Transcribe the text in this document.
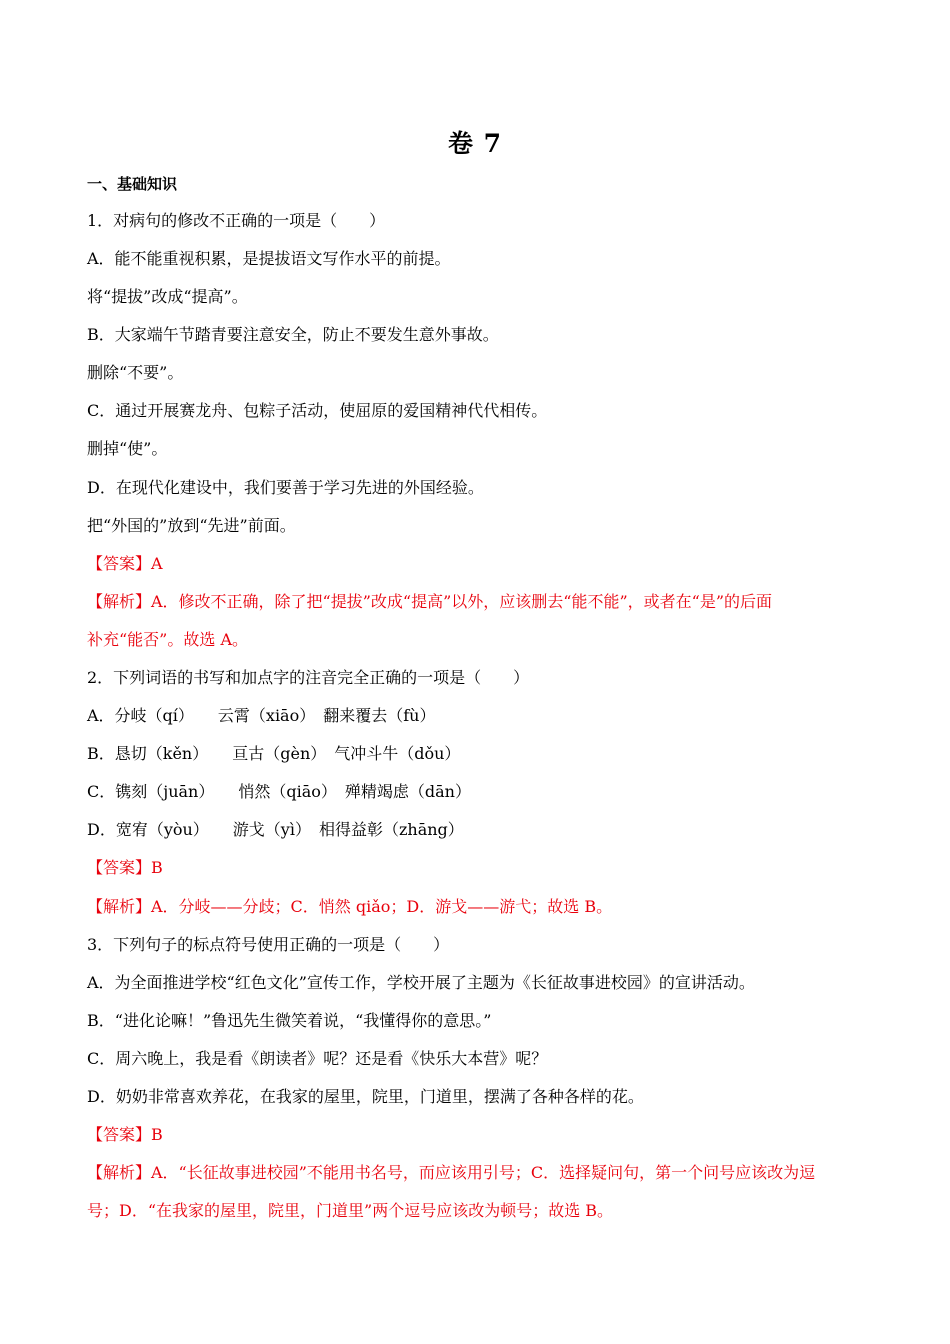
卷 7
一、基础知识
1．对病句的修改不正确的一项是（　　）
A．能不能重视积累，是提拔语文写作水平的前提。
将“提拔”改成“提高”。
B．大家端午节踏青要注意安全，防止不要发生意外事故。
删除“不要”。
C．通过开展赛龙舟、包粽子活动，使屈原的爱国精神代代相传。
删掉“使”。
D．在现代化建设中，我们要善于学习先进的外国经验。
把“外国的”放到“先进”前面。
【答案】A
【解析】A．修改不正确，除了把“提拔”改成“提高”以外，应该删去“能不能”，或者在“是”的后面
补充“能否”。故选 A。
2．下列词语的书写和加点字的注音完全正确的一项是（　　）
A．分岐（qí）　　云霄（xiāo）　翻来覆去（fù）
B．恳切（kěn）　　亘古（gèn）　气冲斗牛（dǒu）
C．镌刻（juān）　　悄然（qiāo）　殚精竭虑（dān）
D．宽宥（yòu）　　游戈（yì）　相得益彰（zhāng）
【答案】B
【解析】A．分岐——分歧；C．悄然 qiǎo；D．游戈——游弋；故选 B。
3．下列句子的标点符号使用正确的一项是（　　）
A．为全面推进学校“红色文化”宣传工作，学校开展了主题为《长征故事进校园》的宣讲活动。
B．“进化论嘛！”鲁迅先生微笑着说，“我懂得你的意思。”
C．周六晚上，我是看《朗读者》呢？还是看《快乐大本营》呢？
D．奶奶非常喜欢养花，在我家的屋里，院里，门道里，摆满了各种各样的花。
【答案】B
【解析】A．“长征故事进校园”不能用书名号，而应该用引号；C．选择疑问句，第一个问号应该改为逗
号；D．“在我家的屋里，院里，门道里”两个逗号应该改为顿号；故选 B。
